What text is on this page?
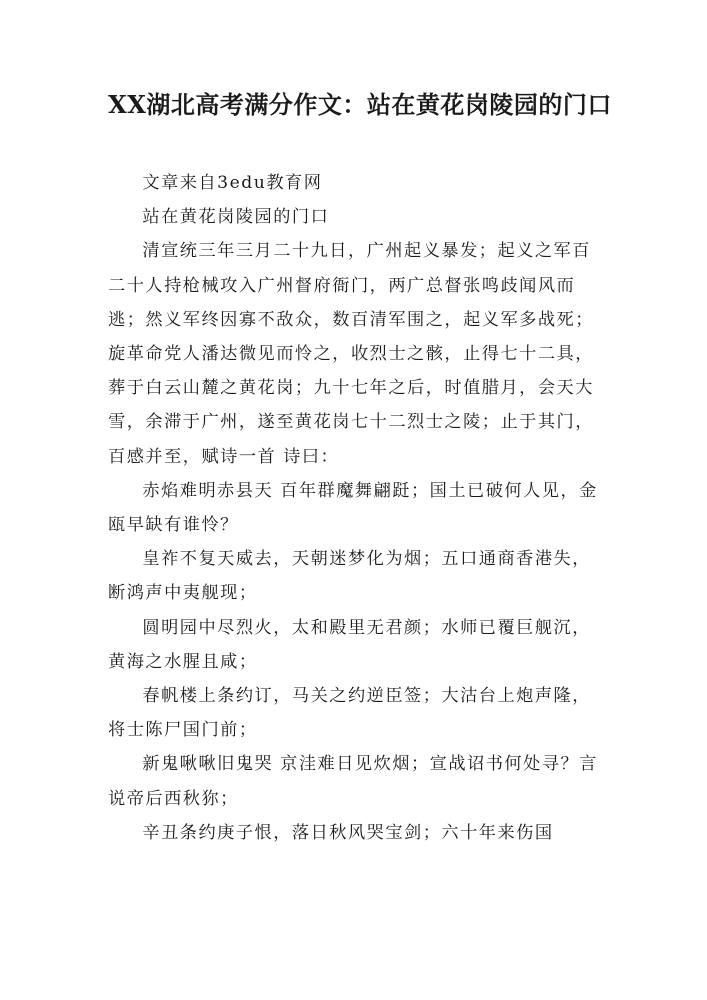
XX湖北高考满分作文：站在黄花岗陵园的门口

文章来自3edu教育网

站在黄花岗陵园的门口

清宣统三年三月二十九日，广州起义暴发；起义之军百二十人持枪械攻入广州督府衙门，两广总督张鸣歧闻风而逃；然义军终因寡不敌众，数百清军围之，起义军多战死；旋革命党人潘达微见而怜之，收烈士之骸，止得七十二具，葬于白云山麓之黄花岗；九十七年之后，时值腊月，会天大雪，余滞于广州，遂至黄花岗七十二烈士之陵；止于其门，百感并至，赋诗一首 诗曰：

赤焰难明赤县天 百年群魔舞翩跹；国土已破何人见，金瓯早缺有谁怜？

皇祚不复天威去，天朝迷梦化为烟；五口通商香港失，断鸿声中夷舰现；

圆明园中尽烈火，太和殿里无君颜；水师已覆巨舰沉，黄海之水腥且咸；

春帆楼上条约订，马关之约逆臣签；大沽台上炮声隆，将士陈尸国门前；

新鬼啾啾旧鬼哭 京洼难日见炊烟；宣战诏书何处寻？言说帝后西秋狝；

辛丑条约庚子恨，落日秋风哭宝剑；六十年来伤国
